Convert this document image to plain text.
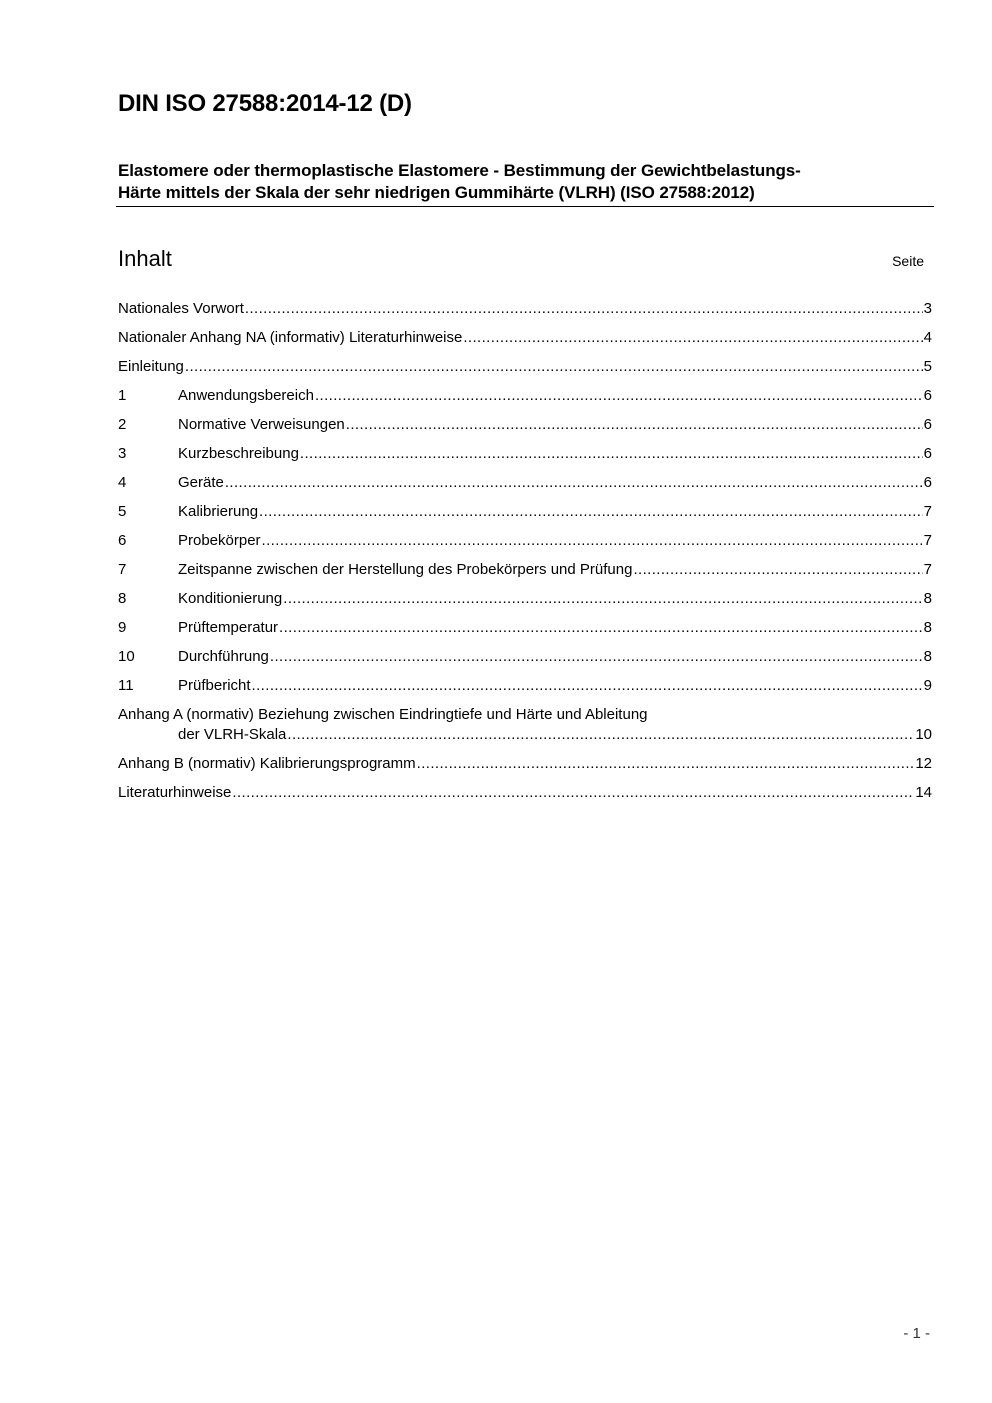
DIN ISO 27588:2014-12 (D)
Elastomere oder thermoplastische Elastomere - Bestimmung der Gewichtbelastungs-
Härte mittels der Skala der sehr niedrigen Gummihärte (VLRH) (ISO 27588:2012)
Inhalt	Seite
Nationales Vorwort .....	3
Nationaler Anhang NA (informativ) Literaturhinweise .....	4
Einleitung .....	5
1	Anwendungsbereich .....	6
2	Normative Verweisungen .....	6
3	Kurzbeschreibung .....	6
4	Geräte .....	6
5	Kalibrierung .....	7
6	Probekörper .....	7
7	Zeitspanne zwischen der Herstellung des Probekörpers und Prüfung .....	7
8	Konditionierung .....	8
9	Prüftemperatur .....	8
10	Durchführung .....	8
11	Prüfbericht .....	9
Anhang A (normativ) Beziehung zwischen Eindringtiefe und Härte und Ableitung
der VLRH-Skala .....	10
Anhang B (normativ) Kalibrierungsprogramm .....	12
Literaturhinweise .....	14
- 1 -
